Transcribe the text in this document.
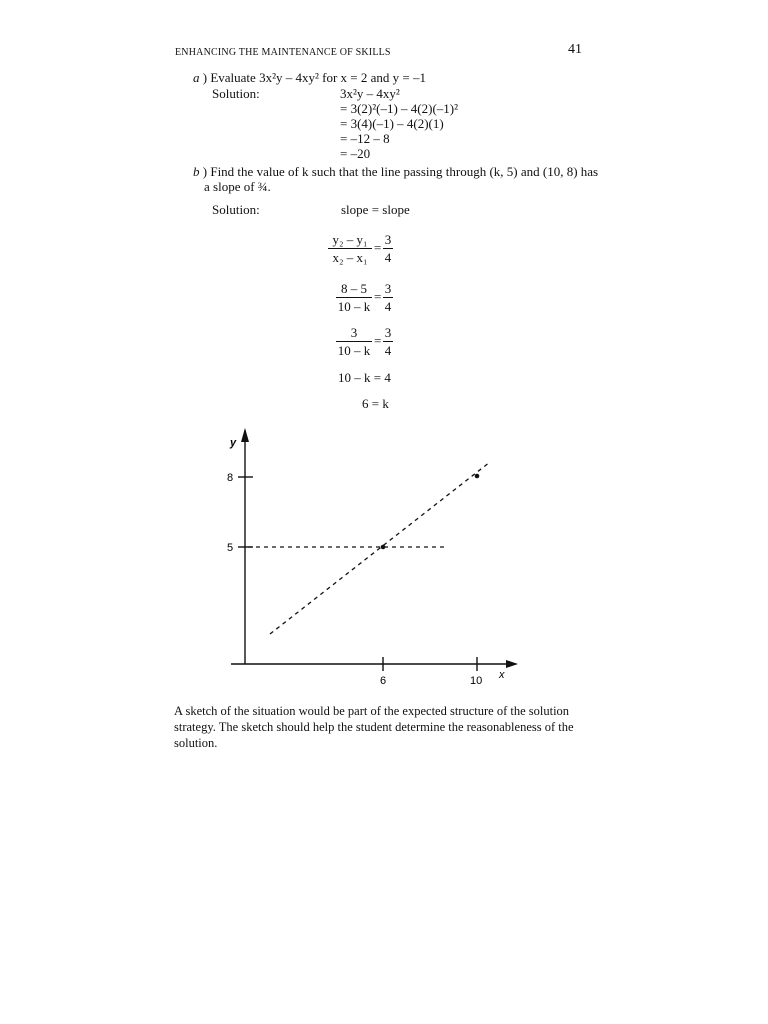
ENHANCING THE MAINTENANCE OF SKILLS	41
a ) Evaluate 3x²y – 4xy² for x = 2 and y = –1
Solution:	3x²y – 4xy²
= 3(2)²(–1) – 4(2)(–1)²
= 3(4)(–1) – 4(2)(1)
= –12 – 8
= –20
b ) Find the value of k such that the line passing through (k, 5) and (10, 8) has
a slope of ¾.
Solution:	slope = slope
y₂ – y₁
x₂ – x₁
=
3
4
8 – 5
10 – k
=
3
4
3
10 – k
=
3
4
10 – k = 4
6 = k
y
8
5
6	10 x
A sketch of the situation would be part of the expected structure of the solution strategy. The sketch should help the student determine the reasonableness of the solution.
